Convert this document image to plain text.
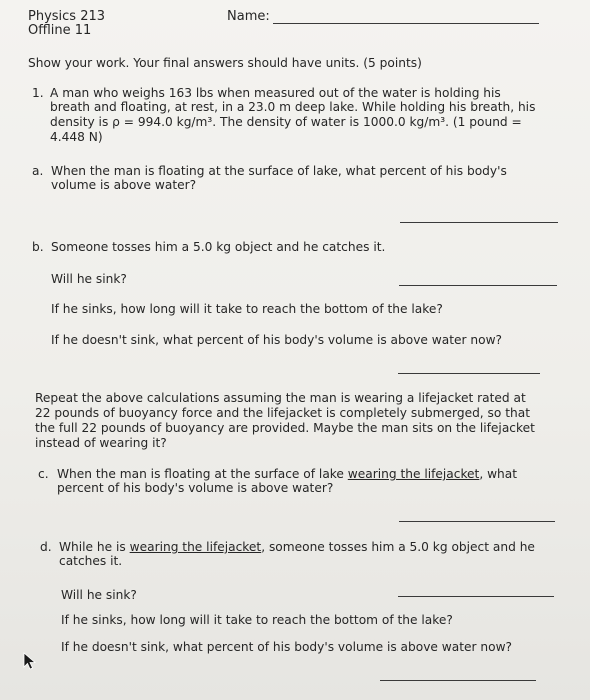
Physics 213
Offline 11
Name:
Show your work. Your final answers should have units. (5 points)
1. A man who weighs 163 lbs when measured out of the water is holding his
breath and floating, at rest, in a 23.0 m deep lake. While holding his breath, his
density is ρ = 994.0 kg/m³. The density of water is 1000.0 kg/m³. (1 pound =
4.448 N)
a. When the man is floating at the surface of lake, what percent of his body's
volume is above water?
b. Someone tosses him a 5.0 kg object and he catches it.
Will he sink?
If he sinks, how long will it take to reach the bottom of the lake?
If he doesn't sink, what percent of his body's volume is above water now?
Repeat the above calculations assuming the man is wearing a lifejacket rated at
22 pounds of buoyancy force and the lifejacket is completely submerged, so that
the full 22 pounds of buoyancy are provided. Maybe the man sits on the lifejacket
instead of wearing it?
c. When the man is floating at the surface of lake wearing the lifejacket, what
percent of his body's volume is above water?
d. While he is wearing the lifejacket, someone tosses him a 5.0 kg object and he
catches it.
Will he sink?
If he sinks, how long will it take to reach the bottom of the lake?
If he doesn't sink, what percent of his body's volume is above water now?
